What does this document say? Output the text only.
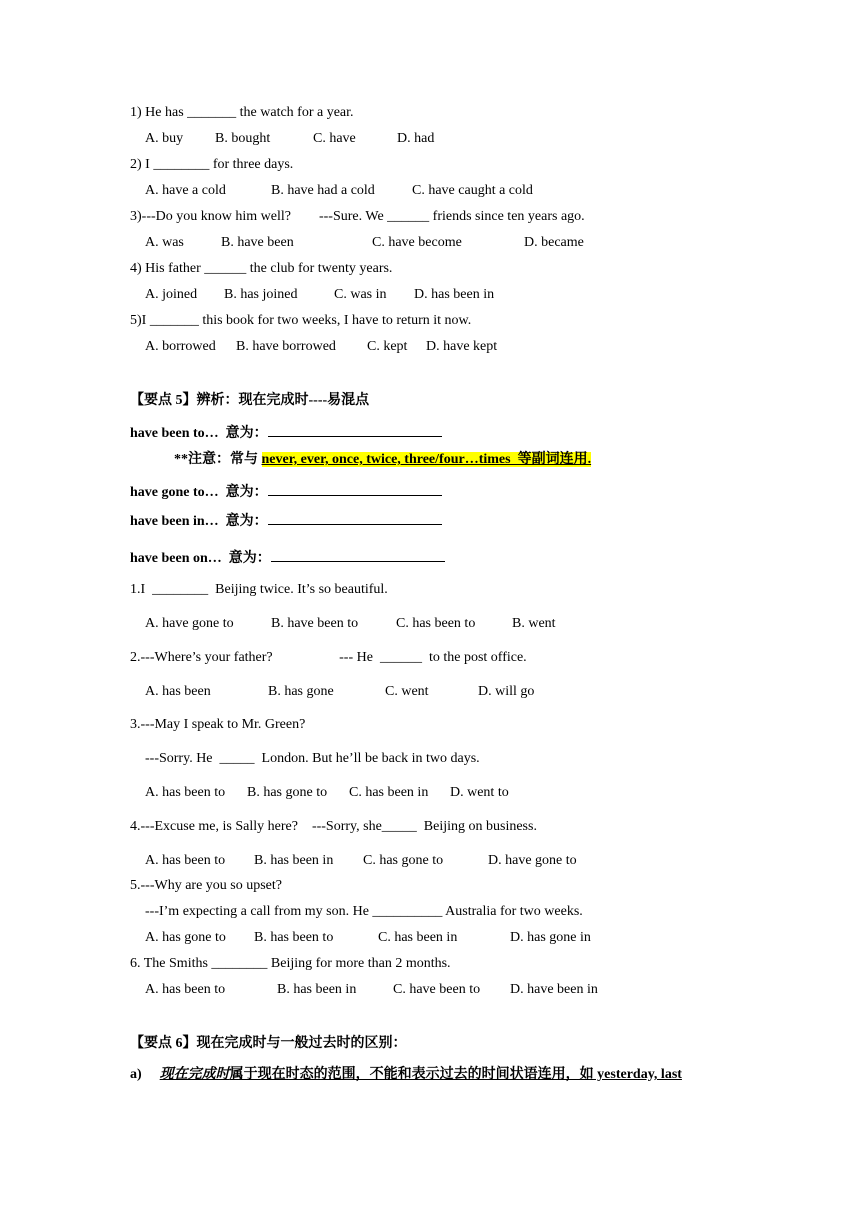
1) He has _______ the watch for a year.
A. buy B. bought	C. have	D. had
2) I ________ for three days.
A. have a cold	B. have had a cold	C. have caught a cold
3)---Do you know him well?        ---Sure. We ______ friends since ten years ago.
A. was	B. have been	C. have become	D. became
4) His father ______ the club for twenty years.
A. joined B. has joined	C. was in D. has been in
5)I _______ this book for two weeks, I have to return it now.
A. borrowed B. have borrowed C. kept D. have kept
【要点 5】辨析：现在完成时----易混点
have been to…  意为：
**注意：常与 never, ever, once, twice, three/four…times  等副词连用.
have gone to…  意为：
have been in…  意为：
have been on…  意为：
1.I  ________  Beijing twice. It’s so beautiful.
A. have gone to	B. have been to	C. has been to	B. went
2.---Where’s your father?                   --- He  ______  to the post office.
A. has been	B. has gone	C. went	D. will go
3.---May I speak to Mr. Green?
---Sorry. He  _____  London. But he’ll be back in two days.
A. has been to B. has gone to C. has been in D. went to
4.---Excuse me, is Sally here?    ---Sorry, she_____  Beijing on business.
A. has been to B. has been in C. has gone to	D. have gone to
5.---Why are you so upset?
---I’m expecting a call from my son. He __________ Australia for two weeks.
A. has gone to B. has been to	C. has been in	D. has gone in
6. The Smiths ________ Beijing for more than 2 months.
A. has been to	B. has been in	C. have been to D. have been in
【要点 6】现在完成时与一般过去时的区别：
a) 现在完成时属于现在时态的范围，不能和表示过去的时间状语连用，如 yesterday, last
